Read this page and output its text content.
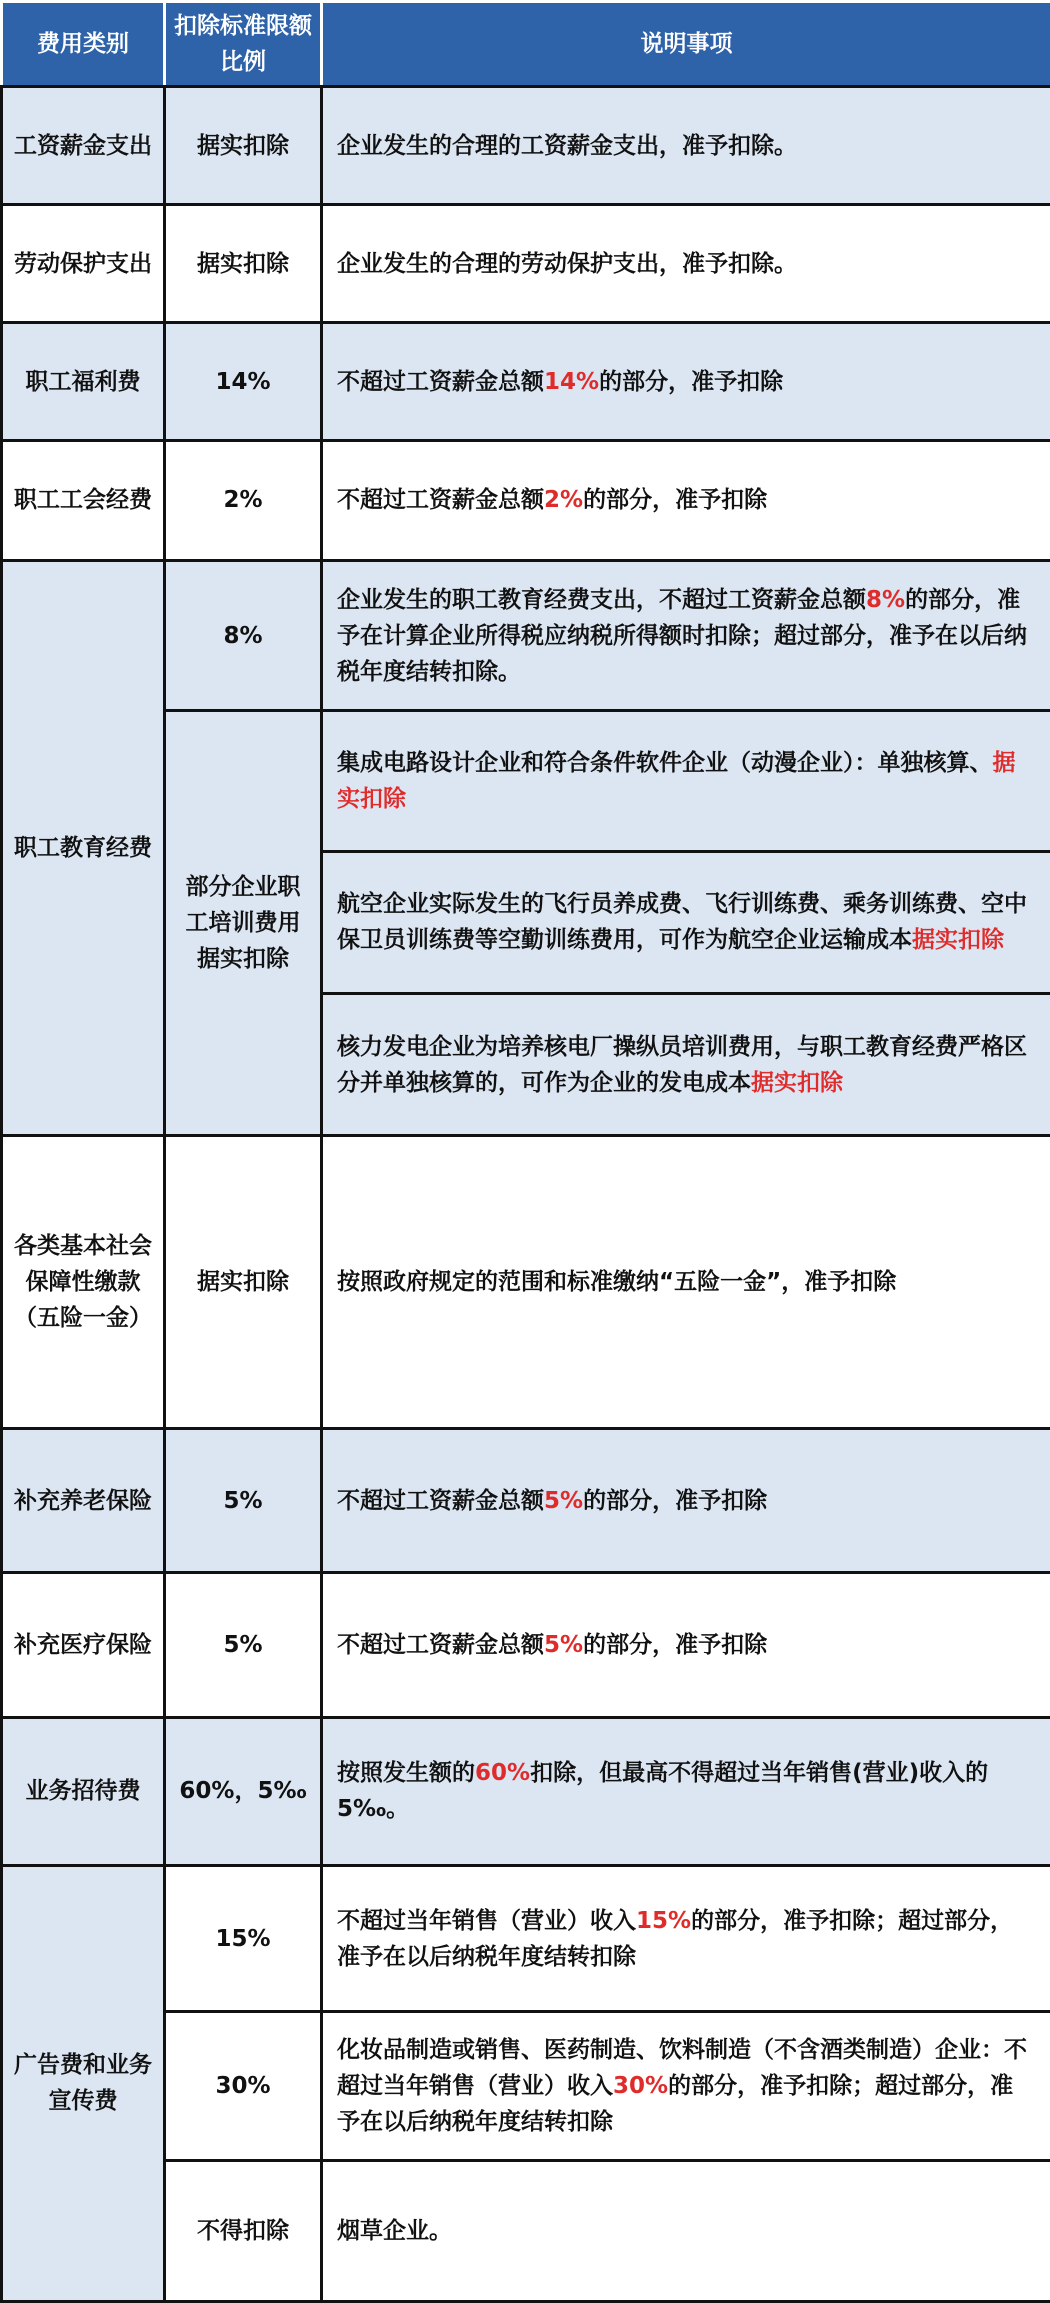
费用类别	扣除标准限额比例	说明事项
工资薪金支出	据实扣除	企业发生的合理的工资薪金支出，准予扣除。
劳动保护支出	据实扣除	企业发生的合理的劳动保护支出，准予扣除。
职工福利费	14%	不超过工资薪金总额14%的部分，准予扣除
职工工会经费	2%	不超过工资薪金总额2%的部分，准予扣除
职工教育经费	8%	企业发生的职工教育经费支出，不超过工资薪金总额8%的部分，准予在计算企业所得税应纳税所得额时扣除；超过部分，准予在以后纳税年度结转扣除。
	部分企业职工培训费用据实扣除	集成电路设计企业和符合条件软件企业（动漫企业）：单独核算、据实扣除
		航空企业实际发生的飞行员养成费、飞行训练费、乘务训练费、空中保卫员训练费等空勤训练费用，可作为航空企业运输成本据实扣除
		核力发电企业为培养核电厂操纵员培训费用，与职工教育经费严格区分并单独核算的，可作为企业的发电成本据实扣除
各类基本社会保障性缴款（五险一金）	据实扣除	按照政府规定的范围和标准缴纳“五险一金”，准予扣除
补充养老保险	5%	不超过工资薪金总额5%的部分，准予扣除
补充医疗保险	5%	不超过工资薪金总额5%的部分，准予扣除
业务招待费	60%，5‰	按照发生额的60%扣除，但最高不得超过当年销售(营业)收入的5‰。
广告费和业务宣传费	15%	不超过当年销售（营业）收入15%的部分，准予扣除；超过部分，准予在以后纳税年度结转扣除
	30%	化妆品制造或销售、医药制造、饮料制造（不含酒类制造）企业：不超过当年销售（营业）收入30%的部分，准予扣除；超过部分，准予在以后纳税年度结转扣除
	不得扣除	烟草企业。
